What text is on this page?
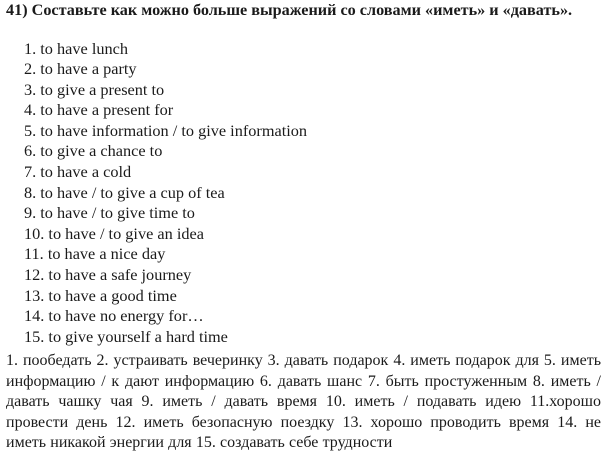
41) Составьте как можно больше выражений со словами «иметь» и «давать».
1. to have lunch
2. to have a party
3. to give a present to
4. to have a present for
5. to have information / to give information
6. to give a chance to
7. to have a cold
8. to have / to give a cup of tea
9. to have / to give time to
10. to have / to give an idea
11. to have a nice day
12. to have a safe journey
13. to have a good time
14. to have no energy for…
15. to give yourself a hard time

1. пообедать 2. устраивать вечеринку 3. давать подарок 4. иметь подарок для 5. иметь информацию / к дают информацию 6. давать шанс 7. быть простуженным 8. иметь / давать чашку чая 9. иметь / давать время 10. иметь / подавать идею 11.хорошо провести день 12. иметь безопасную поездку 13. хорошо проводить время 14. не иметь никакой энергии для 15. создавать себе трудности
